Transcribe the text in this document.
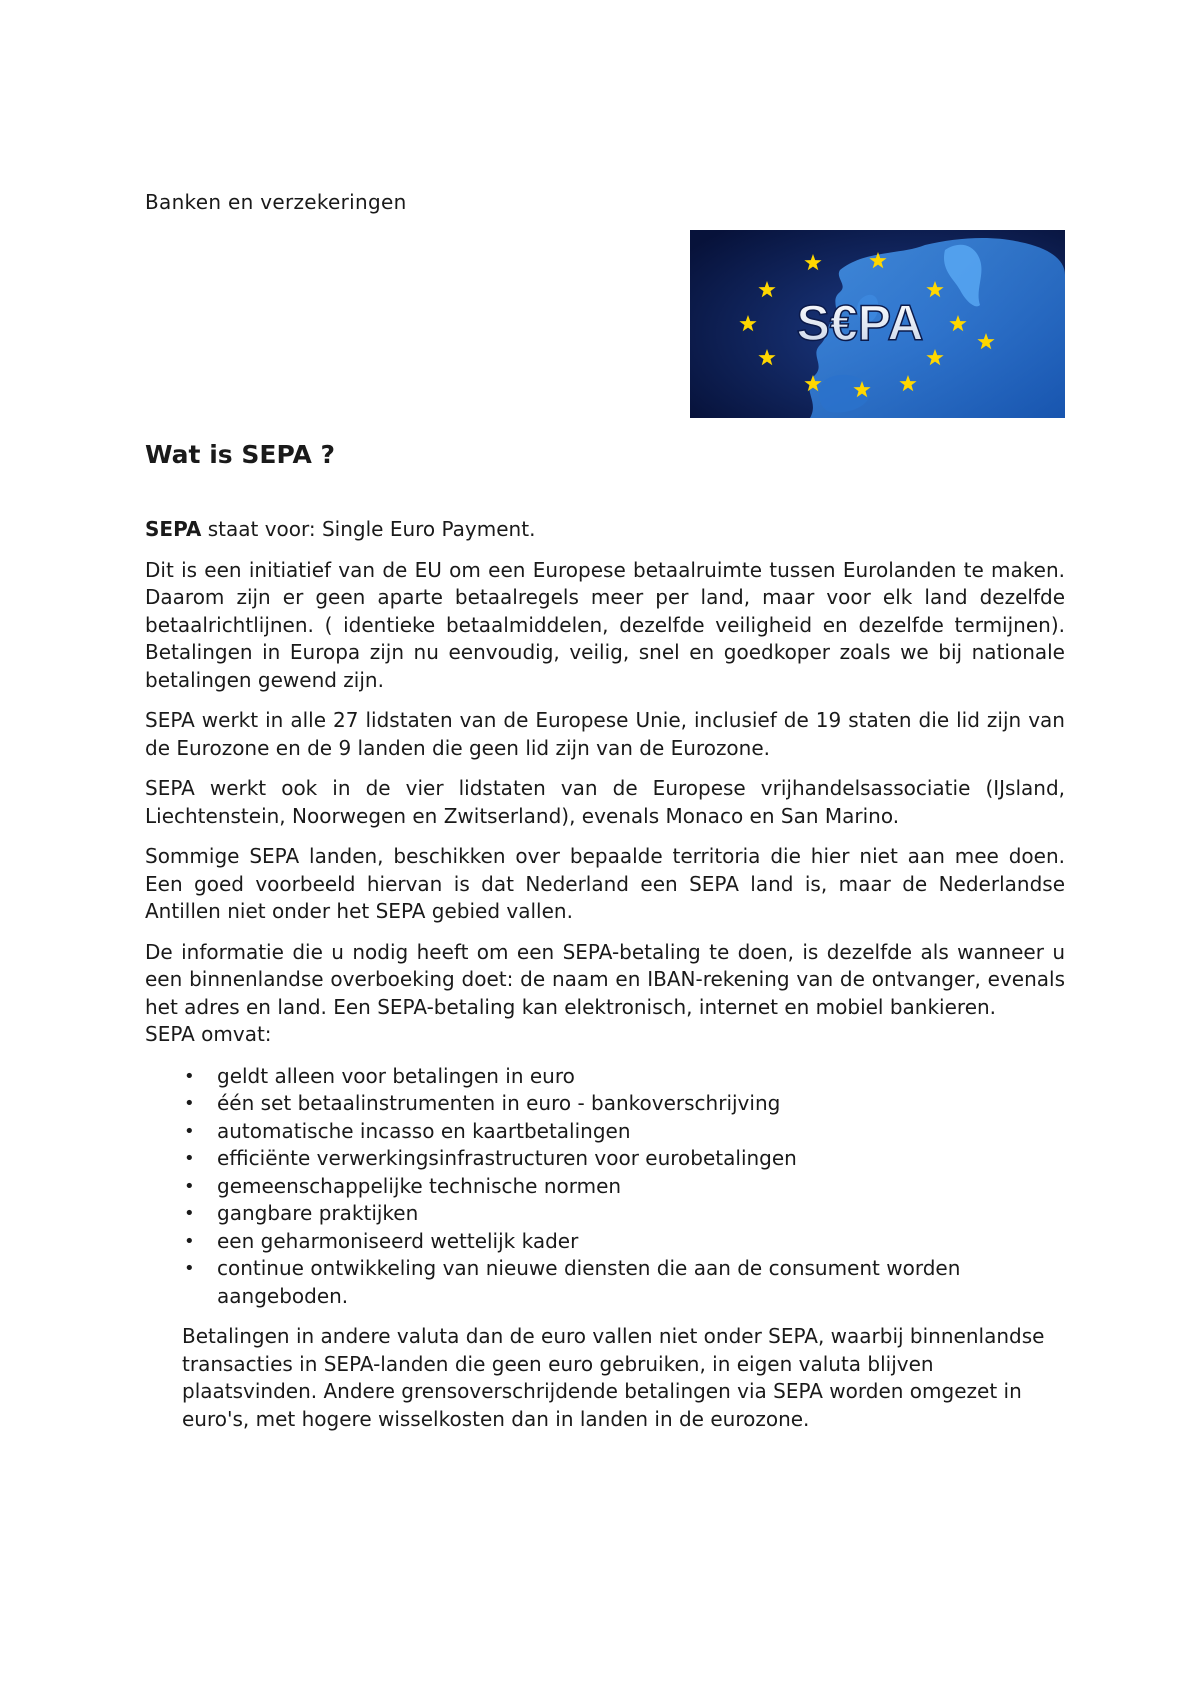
Banken en verzekeringen
S€PA
Wat is SEPA ?

SEPA staat voor: Single Euro Payment.

Dit is een initiatief van de EU om een Europese betaalruimte tussen Eurolanden te maken. Daarom zijn er geen aparte betaalregels meer per land, maar voor elk land dezelfde betaalrichtlijnen. ( identieke betaalmiddelen, dezelfde veiligheid en dezelfde termijnen). Betalingen in Europa zijn nu eenvoudig, veilig, snel en goedkoper zoals we bij nationale betalingen gewend zijn.

SEPA werkt in alle 27 lidstaten van de Europese Unie, inclusief de 19 staten die lid zijn van de Eurozone en de 9 landen die geen lid zijn van de Eurozone.

SEPA werkt ook in de vier lidstaten van de Europese vrijhandelsassociatie (IJsland, Liechtenstein, Noorwegen en Zwitserland), evenals Monaco en San Marino.

Sommige SEPA landen, beschikken over bepaalde territoria die hier niet aan mee doen. Een goed voorbeeld hiervan is dat Nederland een SEPA land is, maar de Nederlandse Antillen niet onder het SEPA gebied vallen.

De informatie die u nodig heeft om een SEPA-betaling te doen, is dezelfde als wanneer u een binnenlandse overboeking doet: de naam en IBAN-rekening van de ontvanger, evenals het adres en land. Een SEPA-betaling kan elektronisch, internet en mobiel bankieren.

SEPA omvat:

• geldt alleen voor betalingen in euro
• één set betaalinstrumenten in euro - bankoverschrijving
• automatische incasso en kaartbetalingen
• efficiënte verwerkingsinfrastructuren voor eurobetalingen
• gemeenschappelijke technische normen
• gangbare praktijken
• een geharmoniseerd wettelijk kader
• continue ontwikkeling van nieuwe diensten die aan de consument worden aangeboden.

Betalingen in andere valuta dan de euro vallen niet onder SEPA, waarbij binnenlandse transacties in SEPA-landen die geen euro gebruiken, in eigen valuta blijven plaatsvinden. Andere grensoverschrijdende betalingen via SEPA worden omgezet in euro's, met hogere wisselkosten dan in landen in de eurozone.
